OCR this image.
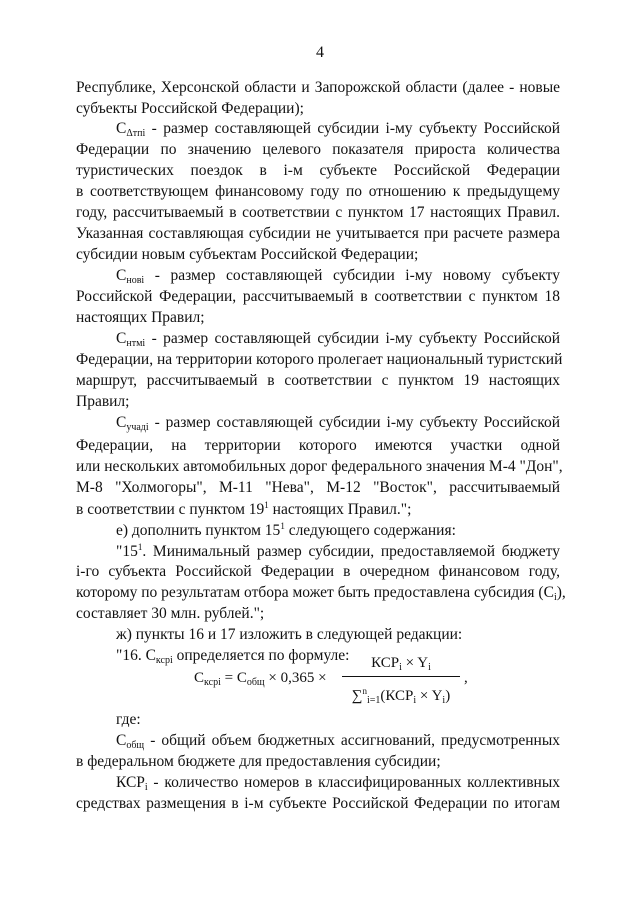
4
Республике, Херсонской области и Запорожской области (далее - новые
субъекты Российской Федерации);
$C_{\Delta тпi}$ - размер составляющей субсидии i-му субъекту Российской
Федерации по значению целевого показателя прироста количества
туристических поездок в i-м субъекте Российской Федерации
в соответствующем финансовому году по отношению к предыдущему
году, рассчитываемый в соответствии с пунктом 17 настоящих Правил.
Указанная составляющая субсидии не учитывается при расчете размера
субсидии новым субъектам Российской Федерации;
$C_{новi}$ - размер составляющей субсидии i-му новому субъекту
Российской Федерации, рассчитываемый в соответствии с пунктом 18
настоящих Правил;
$C_{нтмi}$ - размер составляющей субсидии i-му субъекту Российской
Федерации, на территории которого пролегает национальный туристский
маршрут, рассчитываемый в соответствии с пунктом 19 настоящих
Правил;
$C_{учадi}$ - размер составляющей субсидии i-му субъекту Российской
Федерации, на территории которого имеются участки одной
или нескольких автомобильных дорог федерального значения М-4 "Дон",
М-8 "Холмогоры", М-11 "Нева", М-12 "Восток", рассчитываемый
в соответствии с пунктом $19^1$ настоящих Правил.";
е) дополнить пунктом $15^1$ следующего содержания:
"$15^1$. Минимальный размер субсидии, предоставляемой бюджету
i-го субъекта Российской Федерации в очередном финансовом году,
которому по результатам отбора может быть предоставлена субсидия $(C_i)$,
составляет 30 млн. рублей.";
ж) пункты 16 и 17 изложить в следующей редакции:
"16. $C_{ксрi}$ определяется по формуле:
$C_{ксрi} = C_{общ} \times 0,365$ ×
$КСР_i \times Y_i$
$\sum^n_{i=1}(КСР_i \times Y_i)$
,
где:
$C_{общ}$ - общий объем бюджетных ассигнований, предусмотренных
в федеральном бюджете для предоставления субсидии;
$КСР_i$ - количество номеров в классифицированных коллективных
средствах размещения в i-м субъекте Российской Федерации по итогам
